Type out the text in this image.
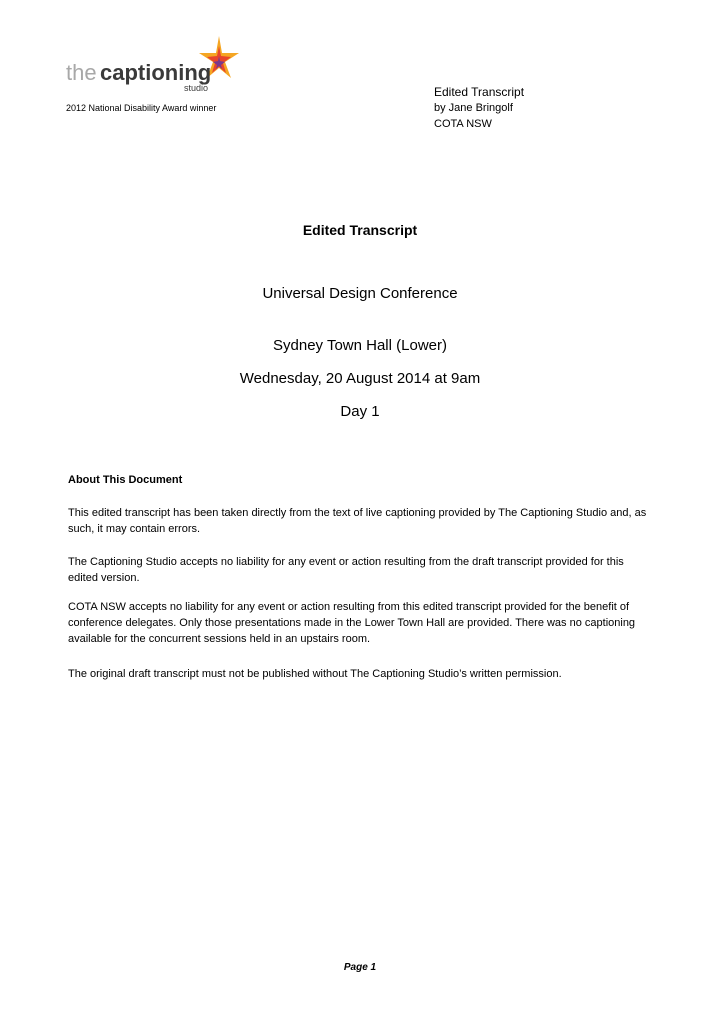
the captioning
studio
2012 National Disability Award winner
Edited Transcript
by Jane Bringolf
COTA NSW
Edited Transcript
Universal Design Conference
Sydney Town Hall (Lower)
Wednesday, 20 August 2014 at 9am
Day 1
About This Document
This edited transcript has been taken directly from the text of live captioning provided by The Captioning Studio and, as such, it may contain errors.
The Captioning Studio accepts no liability for any event or action resulting from the draft transcript provided for this edited version.
COTA NSW accepts no liability for any event or action resulting from this edited transcript provided for the benefit of conference delegates. Only those presentations made in the Lower Town Hall are provided. There was no captioning available for the concurrent sessions held in an upstairs room.
The original draft transcript must not be published without The Captioning Studio’s written permission.
Page 1
